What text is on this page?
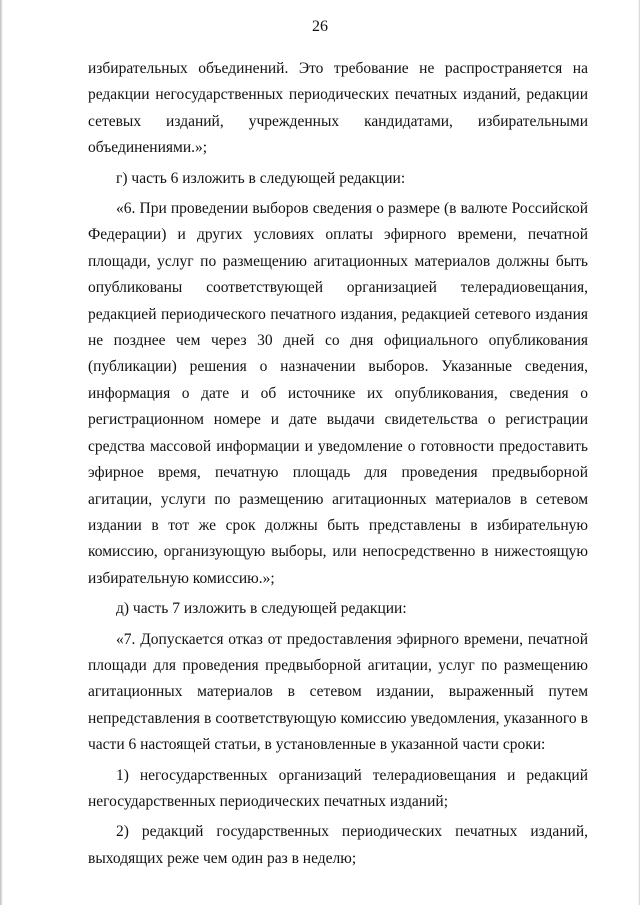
26

избирательных объединений. Это требование не распространяется на редакции негосударственных периодических печатных изданий, редакции сетевых изданий, учрежденных кандидатами, избирательными объединениями.»;

г) часть 6 изложить в следующей редакции:

«6. При проведении выборов сведения о размере (в валюте Российской Федерации) и других условиях оплаты эфирного времени, печатной площади, услуг по размещению агитационных материалов должны быть опубликованы соответствующей организацией телерадиовещания, редакцией периодического печатного издания, редакцией сетевого издания не позднее чем через 30 дней со дня официального опубликования (публикации) решения о назначении выборов. Указанные сведения, информация о дате и об источнике их опубликования, сведения о регистрационном номере и дате выдачи свидетельства о регистрации средства массовой информации и уведомление о готовности предоставить эфирное время, печатную площадь для проведения предвыборной агитации, услуги по размещению агитационных материалов в сетевом издании в тот же срок должны быть представлены в избирательную комиссию, организующую выборы, или непосредственно в нижестоящую избирательную комиссию.»;

д) часть 7 изложить в следующей редакции:

«7. Допускается отказ от предоставления эфирного времени, печатной площади для проведения предвыборной агитации, услуг по размещению агитационных материалов в сетевом издании, выраженный путем непредставления в соответствующую комиссию уведомления, указанного в части 6 настоящей статьи, в установленные в указанной части сроки:

1) негосударственных организаций телерадиовещания и редакций негосударственных периодических печатных изданий;

2) редакций государственных периодических печатных изданий, выходящих реже чем один раз в неделю;
